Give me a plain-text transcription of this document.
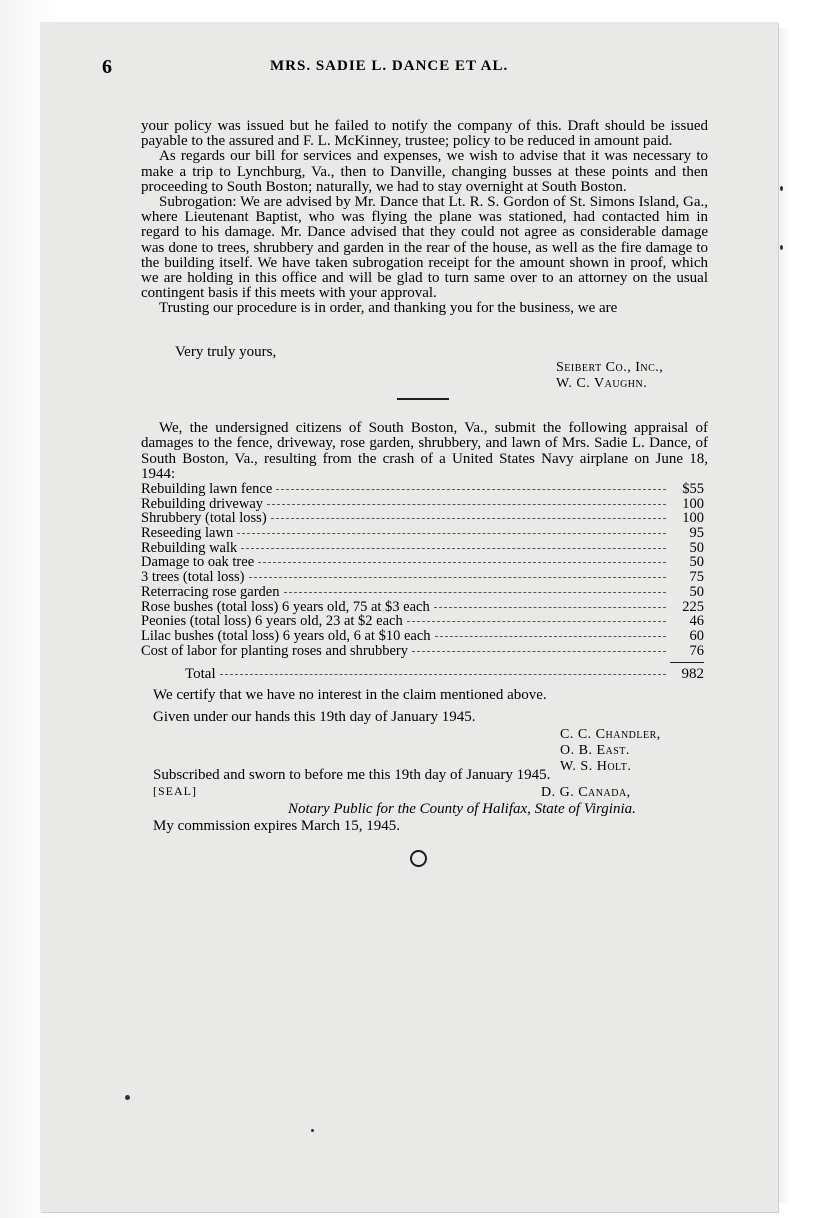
6	MRS. SADIE L. DANCE ET AL.

your policy was issued but he failed to notify the company of this. Draft should be issued payable to the assured and F. L. McKinney, trustee; policy to be reduced in amount paid.

As regards our bill for services and expenses, we wish to advise that it was necessary to make a trip to Lynchburg, Va., then to Danville, changing busses at these points and then proceeding to South Boston; naturally, we had to stay overnight at South Boston.

Subrogation: We are advised by Mr. Dance that Lt. R. S. Gordon of St. Simons Island, Ga., where Lieutenant Baptist, who was flying the plane was stationed, had contacted him in regard to his damage. Mr. Dance advised that they could not agree as considerable damage was done to trees, shrubbery and garden in the rear of the house, as well as the fire damage to the building itself. We have taken subrogation receipt for the amount shown in proof, which we are holding in this office and will be glad to turn same over to an attorney on the usual contingent basis if this meets with your approval.

Trusting our procedure is in order, and thanking you for the business, we are

Very truly yours,
Seibert Co., Inc.,
W. C. Vaughn.

We, the undersigned citizens of South Boston, Va., submit the following appraisal of damages to the fence, driveway, rose garden, shrubbery, and lawn of Mrs. Sadie L. Dance, of South Boston, Va., resulting from the crash of a United States Navy airplane on June 18, 1944:

Rebuilding lawn fence	$55
Rebuilding driveway	100
Shrubbery (total loss)	100
Reseeding lawn	95
Rebuilding walk	50
Damage to oak tree	50
3 trees (total loss)	75
Reterracing rose garden	50
Rose bushes (total loss) 6 years old, 75 at $3 each	225
Peonies (total loss) 6 years old, 23 at $2 each	46
Lilac bushes (total loss) 6 years old, 6 at $10 each	60
Cost of labor for planting roses and shrubbery	76
Total	982
We certify that we have no interest in the claim mentioned above.
Given under our hands this 19th day of January 1945.
C. C. Chandler,
O. B. East.
W. S. Holt.
Subscribed and sworn to before me this 19th day of January 1945.
[SEAL]	D. G. Canada,
Notary Public for the County of Halifax, State of Virginia.
My commission expires March 15, 1945.
